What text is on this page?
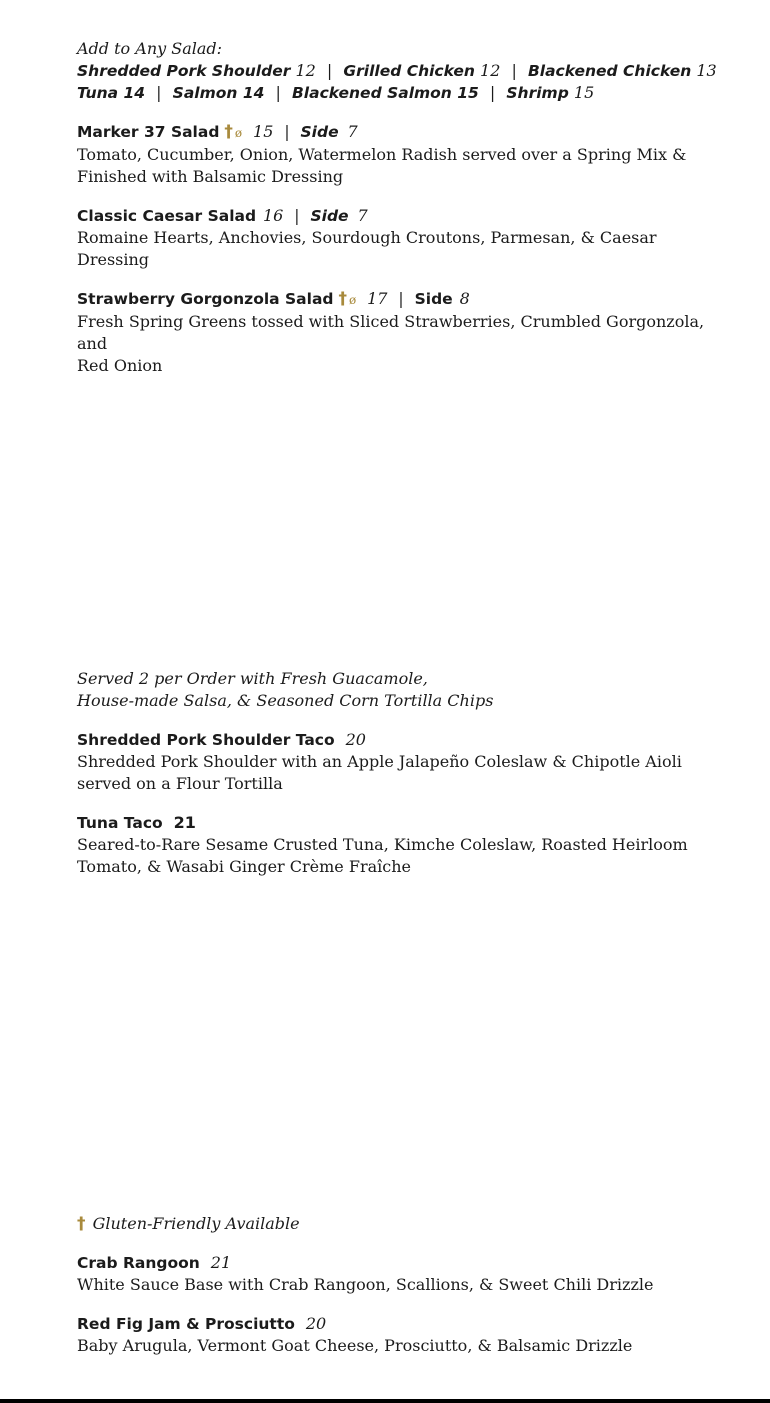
Add to Any Salad:
Shredded Pork Shoulder 12 | Grilled Chicken 12 | Blackened Chicken 13
Tuna 14 | Salmon 14 | Blackened Salmon 15 | Shrimp 15
Marker 37 Salad † ø 15 | Side 7
Tomato, Cucumber, Onion, Watermelon Radish served over a Spring Mix &
Finished with Balsamic Dressing
Classic Caesar Salad 16 | Side 7
Romaine Hearts, Anchovies, Sourdough Croutons, Parmesan, & Caesar Dressing
Strawberry Gorgonzola Salad † ø 17 | Side 8
Fresh Spring Greens tossed with Sliced Strawberries, Crumbled Gorgonzola, and
Red Onion
Served 2 per Order with Fresh Guacamole,
House-made Salsa, & Seasoned Corn Tortilla Chips
Shredded Pork Shoulder Taco 20
Shredded Pork Shoulder with an Apple Jalapeño Coleslaw & Chipotle Aioli
served on a Flour Tortilla
Tuna Taco 21
Seared-to-Rare Sesame Crusted Tuna, Kimche Coleslaw, Roasted Heirloom
Tomato, & Wasabi Ginger Crème Fraîche
† Gluten-Friendly Available
Crab Rangoon 21
White Sauce Base with Crab Rangoon, Scallions, & Sweet Chili Drizzle
Red Fig Jam & Prosciutto 20
Baby Arugula, Vermont Goat Cheese, Prosciutto, & Balsamic Drizzle
